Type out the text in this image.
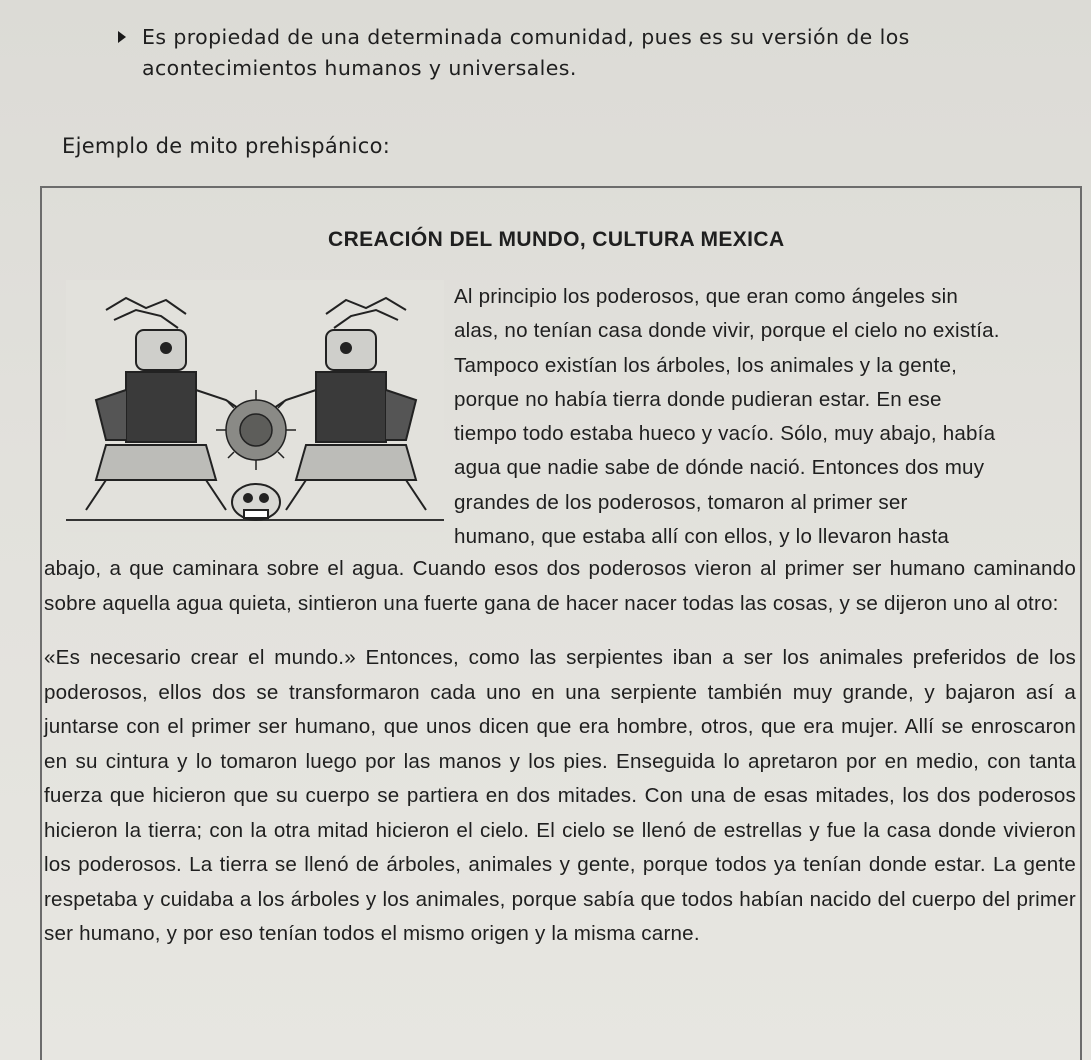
Es propiedad de una determinada comunidad, pues es su versión de los acontecimientos humanos y universales.
Ejemplo de mito prehispánico:
CREACIÓN DEL MUNDO, CULTURA MEXICA
Al principio los poderosos, que eran como ángeles sin
alas, no tenían casa donde vivir, porque el cielo no existía.
Tampoco existían los árboles, los animales y la gente,
porque no había tierra donde pudieran estar. En ese
tiempo todo estaba hueco y vacío. Sólo, muy abajo, había
agua que nadie sabe de dónde nació. Entonces dos muy
grandes de los poderosos, tomaron al primer ser
humano, que estaba allí con ellos, y lo llevaron hasta

abajo, a que caminara sobre el agua. Cuando esos dos poderosos vieron al primer ser humano caminando sobre aquella agua quieta, sintieron una fuerte gana de hacer nacer todas las cosas, y se dijeron uno al otro:

«Es necesario crear el mundo.» Entonces, como las serpientes iban a ser los animales preferidos de los poderosos, ellos dos se transformaron cada uno en una serpiente también muy grande, y bajaron así a juntarse con el primer ser humano, que unos dicen que era hombre, otros, que era mujer. Allí se enroscaron en su cintura y lo tomaron luego por las manos y los pies. Enseguida lo apretaron por en medio, con tanta fuerza que hicieron que su cuerpo se partiera en dos mitades. Con una de esas mitades, los dos poderosos hicieron la tierra; con la otra mitad hicieron el cielo. El cielo se llenó de estrellas y fue la casa donde vivieron los poderosos. La tierra se llenó de árboles, animales y gente, porque todos ya tenían donde estar. La gente respetaba y cuidaba a los árboles y los animales, porque sabía que todos habían nacido del cuerpo del primer ser humano, y por eso tenían todos el mismo origen y la misma carne.
